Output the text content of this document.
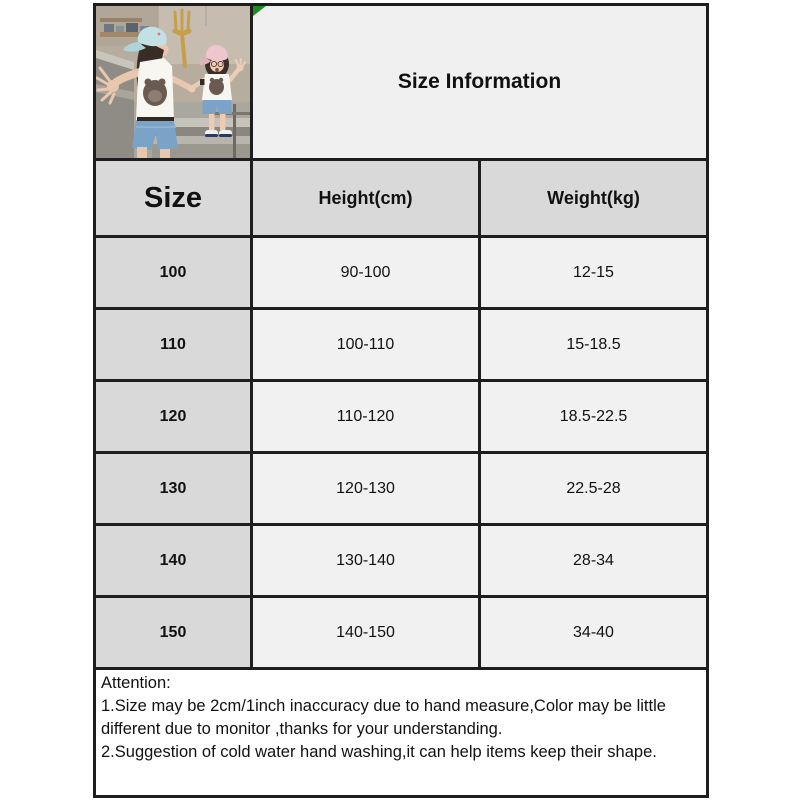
Size Information
Size	Height(cm)	Weight(kg)
100	90-100	12-15
110	100-110	15-18.5
120	110-120	18.5-22.5
130	120-130	22.5-28
140	130-140	28-34
150	140-150	34-40
Attention:
1.Size may be 2cm/1inch inaccuracy due to hand measure,Color may be little different due to monitor ,thanks for your understanding.
2.Suggestion of cold water hand washing,it can help items keep their shape.
